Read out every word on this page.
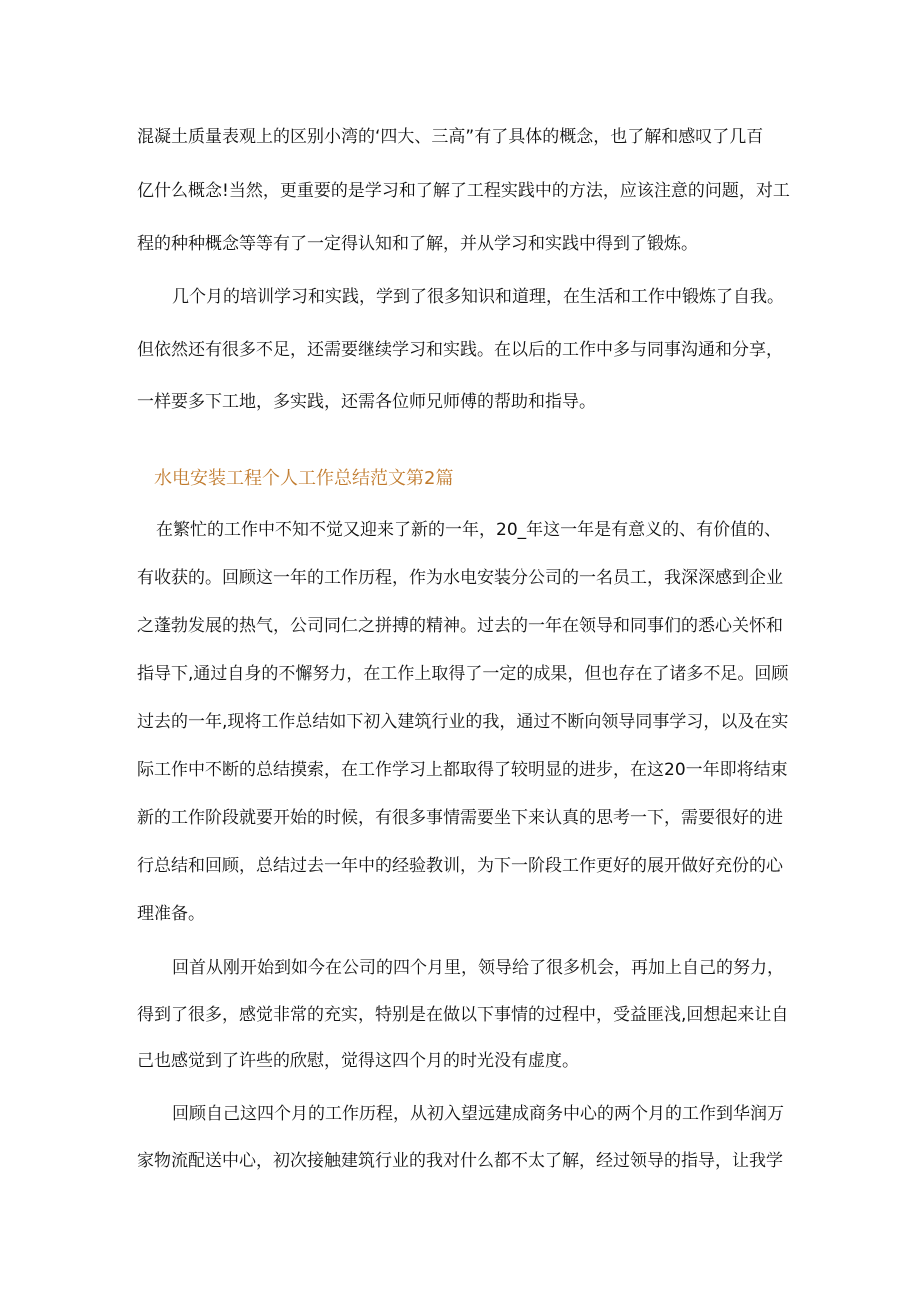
混凝土质量表观上的区别小湾的‘四大、三高”有了具体的概念，也了解和感叹了几百
亿什么概念!当然，更重要的是学习和了解了工程实践中的方法，应该注意的问题，对工
程的种种概念等等有了一定得认知和了解，并从学习和实践中得到了锻炼。
几个月的培训学习和实践，学到了很多知识和道理，在生活和工作中锻炼了自我。
但依然还有很多不足，还需要继续学习和实践。在以后的工作中多与同事沟通和分享，
一样要多下工地，多实践，还需各位师兄师傅的帮助和指导。
水电安装工程个人工作总结范文第2篇
在繁忙的工作中不知不觉又迎来了新的一年，20_年这一年是有意义的、有价值的、
有收获的。回顾这一年的工作历程，作为水电安装分公司的一名员工，我深深感到企业
之蓬勃发展的热气，公司同仁之拼搏的精神。过去的一年在领导和同事们的悉心关怀和
指导下,通过自身的不懈努力，在工作上取得了一定的成果，但也存在了诸多不足。回顾
过去的一年,现将工作总结如下初入建筑行业的我，通过不断向领导同事学习，以及在实
际工作中不断的总结摸索，在工作学习上都取得了较明显的进步，在这20一年即将结束
新的工作阶段就要开始的时候，有很多事情需要坐下来认真的思考一下，需要很好的进
行总结和回顾，总结过去一年中的经验教训，为下一阶段工作更好的展开做好充份的心
理准备。
回首从刚开始到如今在公司的四个月里，领导给了很多机会，再加上自己的努力，
得到了很多，感觉非常的充实，特别是在做以下事情的过程中，受益匪浅,回想起来让自
己也感觉到了许些的欣慰，觉得这四个月的时光没有虚度。
回顾自己这四个月的工作历程，从初入望远建成商务中心的两个月的工作到华润万
家物流配送中心，初次接触建筑行业的我对什么都不太了解，经过领导的指导，让我学
